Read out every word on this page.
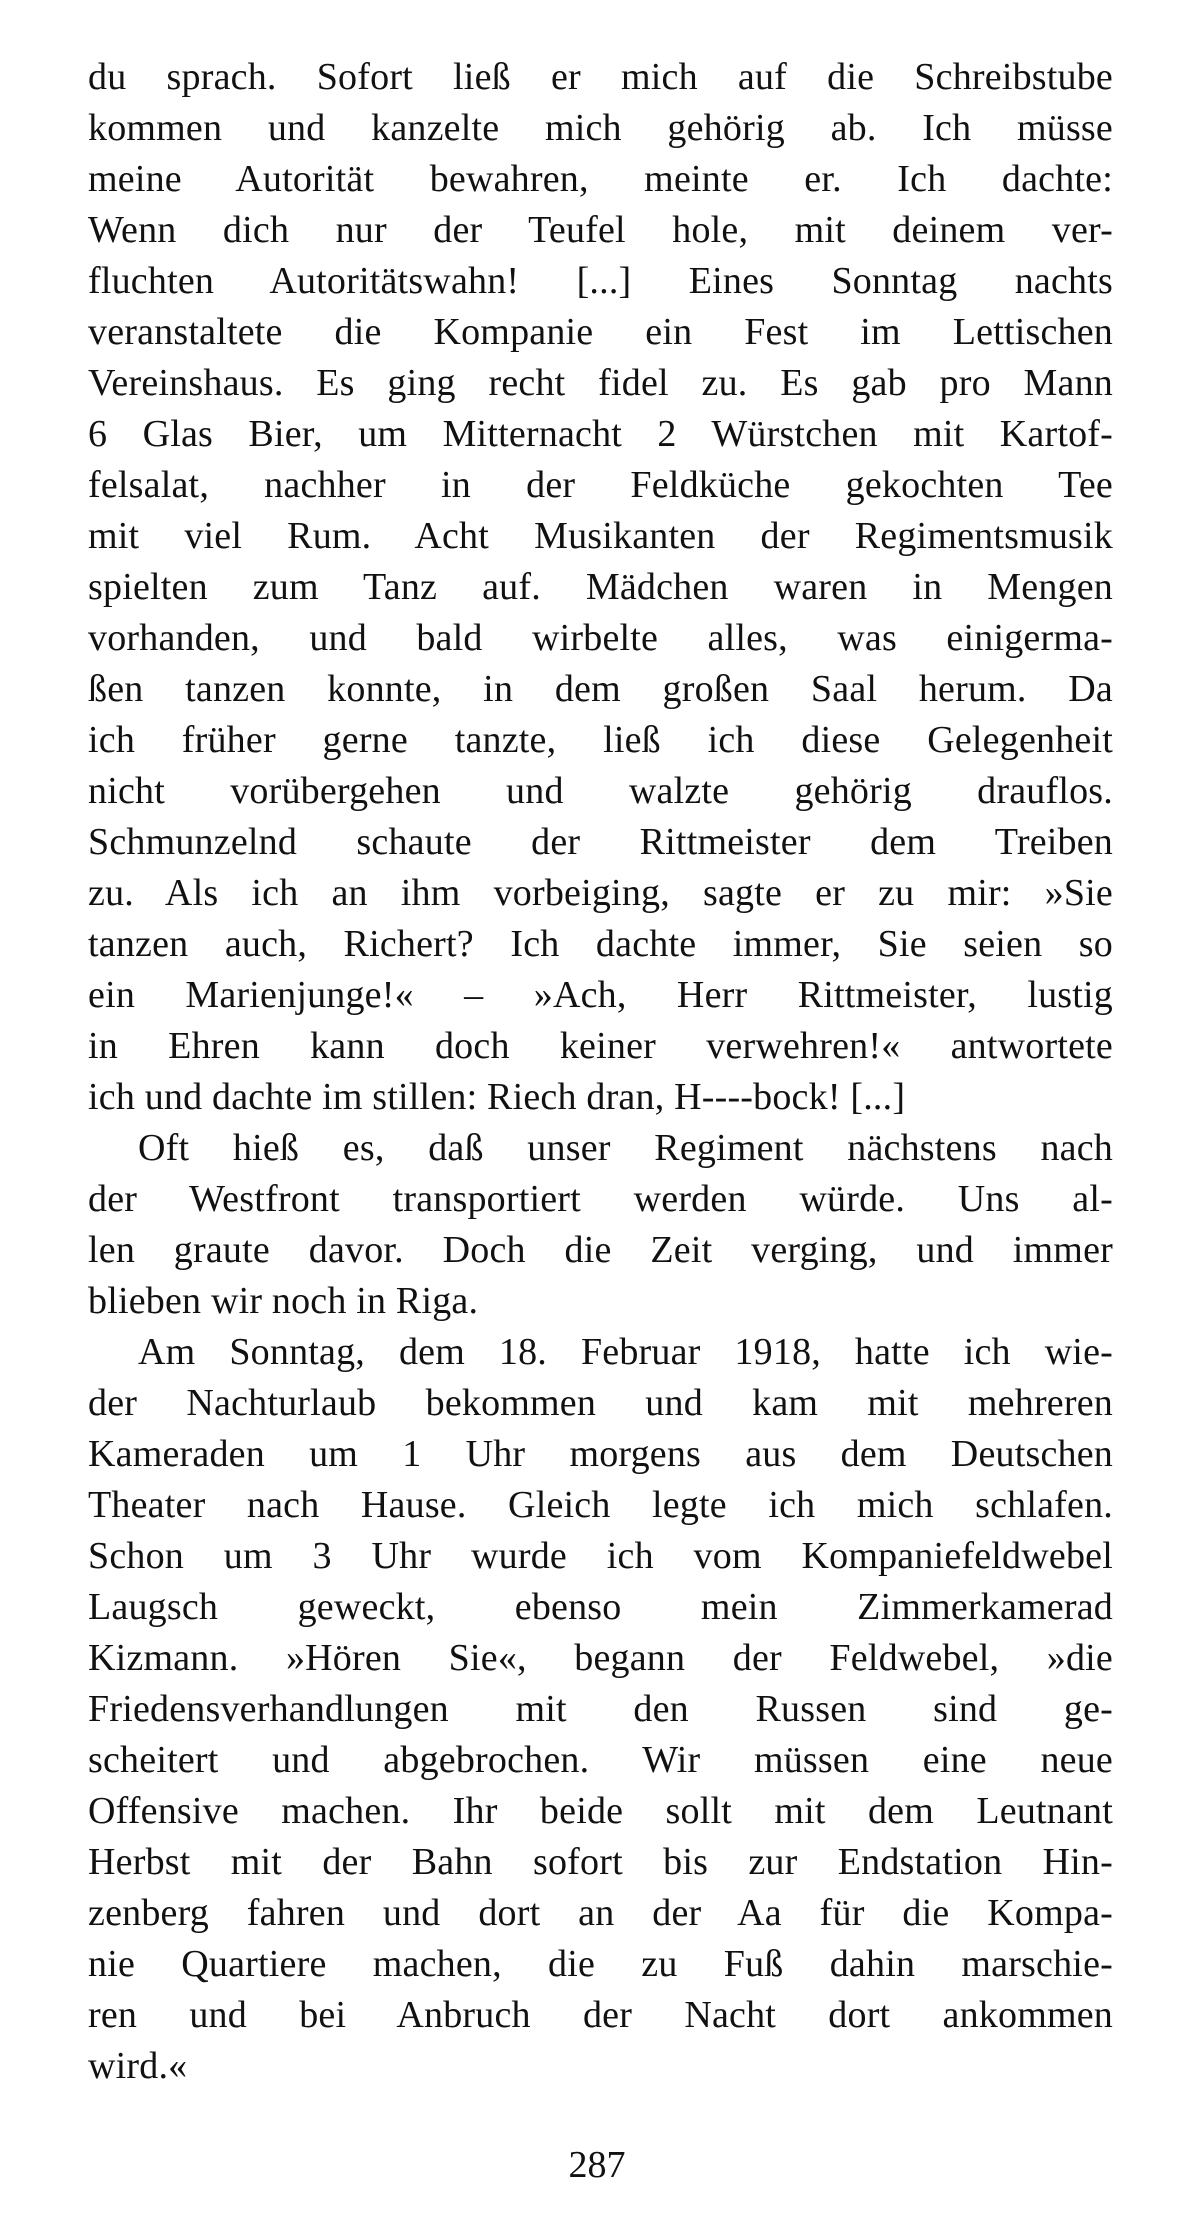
du sprach. Sofort ließ er mich auf die Schreibstube
kommen und kanzelte mich gehörig ab. Ich müsse
meine Autorität bewahren, meinte er. Ich dachte:
Wenn dich nur der Teufel hole, mit deinem ver-
fluchten Autoritätswahn! [...] Eines Sonntag nachts
veranstaltete die Kompanie ein Fest im Lettischen
Vereinshaus. Es ging recht fidel zu. Es gab pro Mann
6 Glas Bier, um Mitternacht 2 Würstchen mit Kartof-
felsalat, nachher in der Feldküche gekochten Tee
mit viel Rum. Acht Musikanten der Regimentsmusik
spielten zum Tanz auf. Mädchen waren in Mengen
vorhanden, und bald wirbelte alles, was einigerma-
ßen tanzen konnte, in dem großen Saal herum. Da
ich früher gerne tanzte, ließ ich diese Gelegenheit
nicht vorübergehen und walzte gehörig drauflos.
Schmunzelnd schaute der Rittmeister dem Treiben
zu. Als ich an ihm vorbeiging, sagte er zu mir: »Sie
tanzen auch, Richert? Ich dachte immer, Sie seien so
ein Marienjunge!« – »Ach, Herr Rittmeister, lustig
in Ehren kann doch keiner verwehren!« antwortete
ich und dachte im stillen: Riech dran, H----bock! [...]
Oft hieß es, daß unser Regiment nächstens nach
der Westfront transportiert werden würde. Uns al-
len graute davor. Doch die Zeit verging, und immer
blieben wir noch in Riga.
Am Sonntag, dem 18. Februar 1918, hatte ich wie-
der Nachturlaub bekommen und kam mit mehreren
Kameraden um 1 Uhr morgens aus dem Deutschen
Theater nach Hause. Gleich legte ich mich schlafen.
Schon um 3 Uhr wurde ich vom Kompaniefeldwebel
Laugsch geweckt, ebenso mein Zimmerkamerad
Kizmann. »Hören Sie«, begann der Feldwebel, »die
Friedensverhandlungen mit den Russen sind ge-
scheitert und abgebrochen. Wir müssen eine neue
Offensive machen. Ihr beide sollt mit dem Leutnant
Herbst mit der Bahn sofort bis zur Endstation Hin-
zenberg fahren und dort an der Aa für die Kompa-
nie Quartiere machen, die zu Fuß dahin marschie-
ren und bei Anbruch der Nacht dort ankommen
wird.«
287
